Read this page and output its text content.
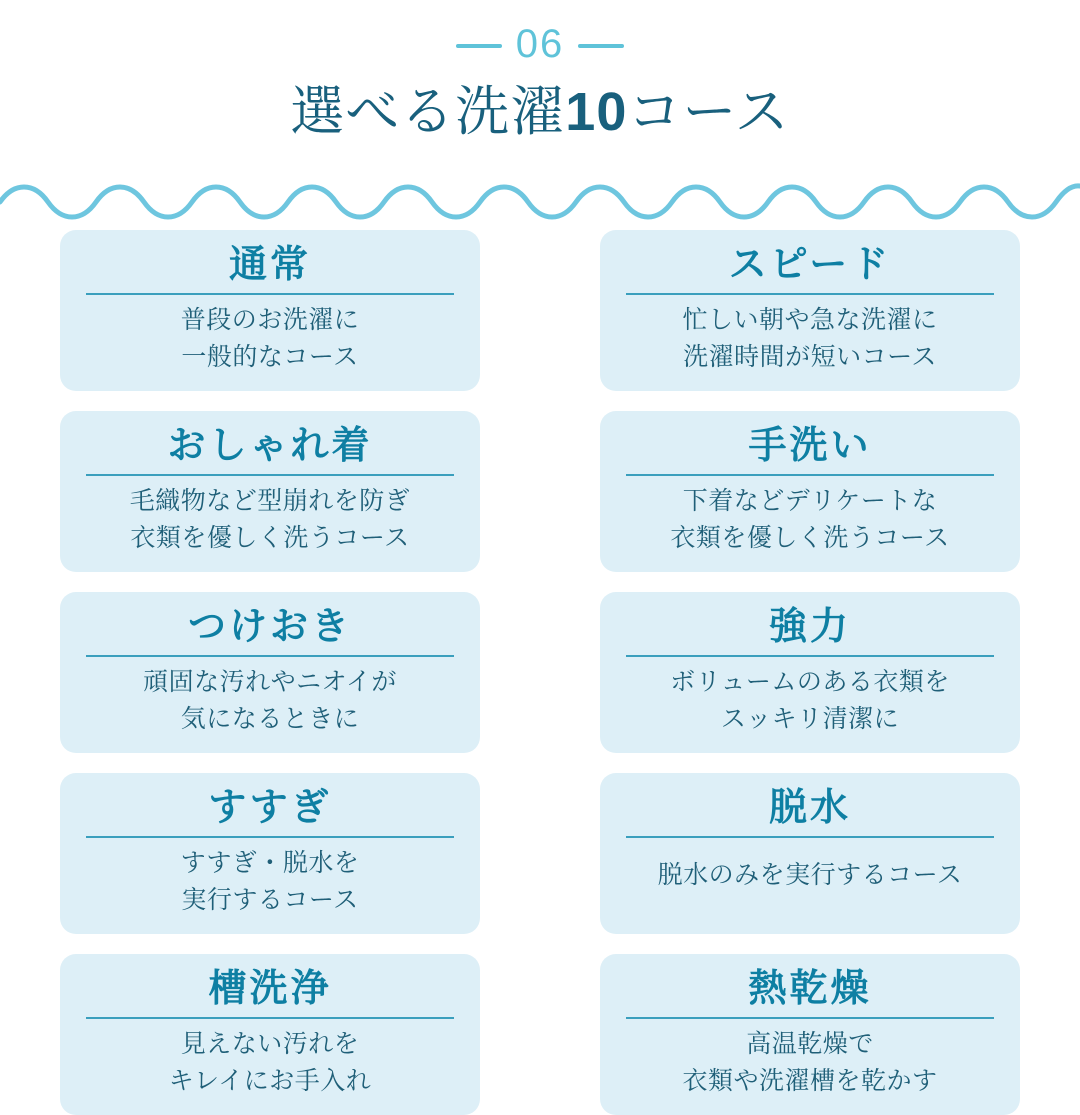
06
選べる洗濯10コース
通常
普段のお洗濯に
一般的なコース
スピード
忙しい朝や急な洗濯に
洗濯時間が短いコース
おしゃれ着
毛織物など型崩れを防ぎ
衣類を優しく洗うコース
手洗い
下着などデリケートな
衣類を優しく洗うコース
つけおき
頑固な汚れやニオイが
気になるときに
強力
ボリュームのある衣類を
スッキリ清潔に
すすぎ
すすぎ・脱水を
実行するコース
脱水
脱水のみを実行するコース
槽洗浄
見えない汚れを
キレイにお手入れ
熱乾燥
高温乾燥で
衣類や洗濯槽を乾かす
